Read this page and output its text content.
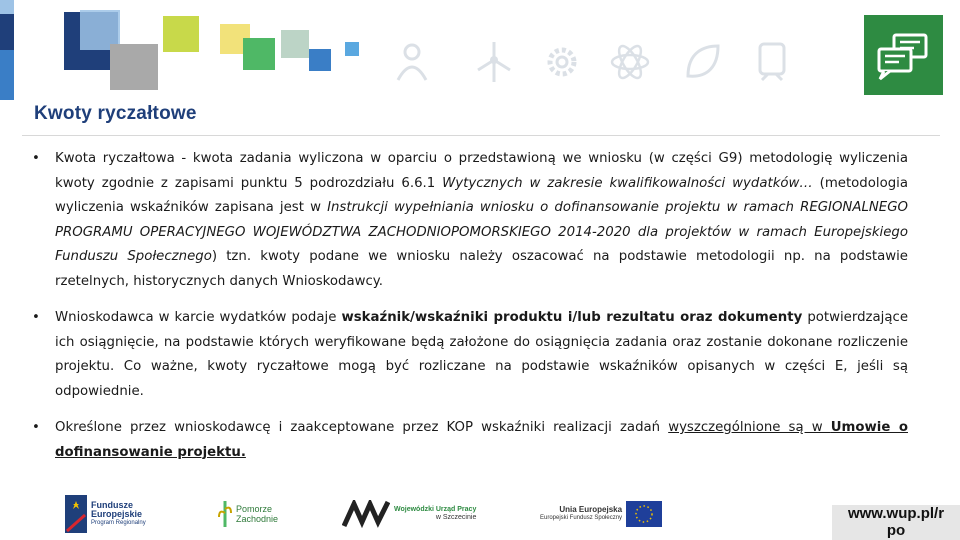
Kwoty ryczałtowe
• Kwota ryczałtowa - kwota zadania wyliczona w oparciu o przedstawioną we wniosku (w części G9) metodologię wyliczenia kwoty zgodnie z zapisami punktu 5 podrozdziału 6.6.1 Wytycznych w zakresie kwalifikowalności wydatków… (metodologia wyliczenia wskaźników zapisana jest w Instrukcji wypełniania wniosku o dofinansowanie projektu w ramach REGIONALNEGO PROGRAMU OPERACYJNEGO WOJEWÓDZTWA ZACHODNIOPOMORSKIEGO 2014-2020 dla projektów w ramach Europejskiego Funduszu Społecznego) tzn. kwoty podane we wniosku należy oszacować na podstawie metodologii np. na podstawie rzetelnych, historycznych danych Wnioskodawcy.
• Wnioskodawca w karcie wydatków podaje wskaźnik/wskaźniki produktu i/lub rezultatu oraz dokumenty potwierdzające ich osiągnięcie, na podstawie których weryfikowane będą założone do osiągnięcia zadania oraz zostanie dokonane rozliczenie projektu. Co ważne, kwoty ryczałtowe mogą być rozliczane na podstawie wskaźników opisanych w części E, jeśli są odpowiednie.
• Określone przez wnioskodawcę i zaakceptowane przez KOP wskaźniki realizacji zadań wyszczególnione są w Umowie o dofinansowanie projektu.
Fundusze
Europejskie
Program Regionalny
Pomorze
Zachodnie
Wojewódzki Urząd Pracy
w Szczecinie
Unia Europejska
Europejski Fundusz Społeczny	www.wup.pl/r
po
